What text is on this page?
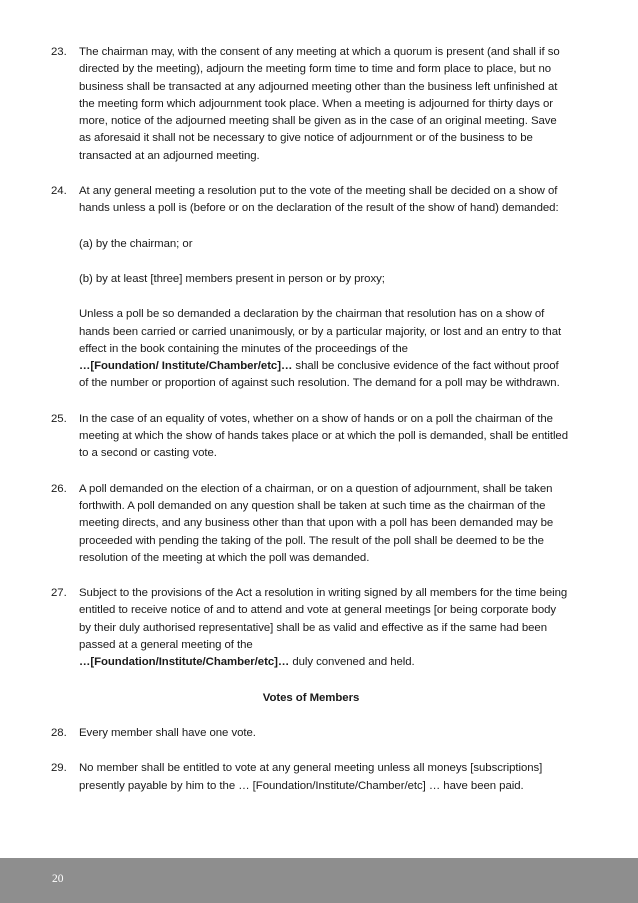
23. The chairman may, with the consent of any meeting at which a quorum is present (and shall if so directed by the meeting), adjourn the meeting form time to time and form place to place, but no business shall be transacted at any adjourned meeting other than the business left unfinished at the meeting form which adjournment took place. When a meeting is adjourned for thirty days or more, notice of the adjourned meeting shall be given as in the case of an original meeting. Save as aforesaid it shall not be necessary to give notice of adjournment or of the business to be transacted at an adjourned meeting.

24. At any general meeting a resolution put to the vote of the meeting shall be decided on a show of hands unless a poll is (before or on the declaration of the result of the show of hand) demanded:

(a) by the chairman; or

(b) by at least [three] members present in person or by proxy;

Unless a poll be so demanded a declaration by the chairman that resolution has on a show of hands been carried or carried unanimously, or by a particular majority, or lost and an entry to that effect in the book containing the minutes of the proceedings of the
…[Foundation/ Institute/Chamber/etc]… shall be conclusive evidence of the fact without proof of the number or proportion of against such resolution. The demand for a poll may be withdrawn.

25. In the case of an equality of votes, whether on a show of hands or on a poll the chairman of the meeting at which the show of hands takes place or at which the poll is demanded, shall be entitled to a second or casting vote.

26. A poll demanded on the election of a chairman, or on a question of adjournment, shall be taken forthwith. A poll demanded on any question shall be taken at such time as the chairman of the meeting directs, and any business other than that upon with a poll has been demanded may be proceeded with pending the taking of the poll. The result of the poll shall be deemed to be the resolution of the meeting at which the poll was demanded.

27. Subject to the provisions of the Act a resolution in writing signed by all members for the time being entitled to receive notice of and to attend and vote at general meetings [or being corporate body by their duly authorised representative] shall be as valid and effective as if the same had been passed at a general meeting of the
…[Foundation/Institute/Chamber/etc]… duly convened and held.

Votes of Members

28. Every member shall have one vote.

29. No member shall be entitled to vote at any general meeting unless all moneys [subscriptions] presently payable by him to the … [Foundation/Institute/Chamber/etc] … have been paid.

20
